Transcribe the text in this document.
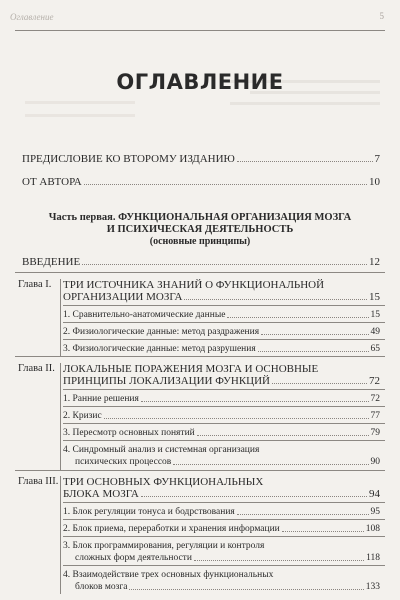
Оглавление	5
ОГЛАВЛЕНИЕ
ПРЕДИСЛОВИЕ КО ВТОРОМУ ИЗДАНИЮ	7
ОТ АВТОРА	10
Часть первая. ФУНКЦИОНАЛЬНАЯ ОРГАНИЗАЦИЯ МОЗГА
И ПСИХИЧЕСКАЯ ДЕЯТЕЛЬНОСТЬ
(основные принципы)
ВВЕДЕНИЕ	12
Глава I. ТРИ ИСТОЧНИКА ЗНАНИЙ О ФУНКЦИОНАЛЬНОЙ
ОРГАНИЗАЦИИ МОЗГА	15
1. Сравнительно-анатомические данные	15
2. Физиологические данные: метод раздражения	49
3. Физиологические данные: метод разрушения	65
Глава II. ЛОКАЛЬНЫЕ ПОРАЖЕНИЯ МОЗГА И ОСНОВНЫЕ
ПРИНЦИПЫ ЛОКАЛИЗАЦИИ ФУНКЦИЙ	72
1. Ранние решения	72
2. Кризис	77
3. Пересмотр основных понятий	79
4. Синдромный анализ и системная организация
психических процессов	90
Глава III. ТРИ ОСНОВНЫХ ФУНКЦИОНАЛЬНЫХ
БЛОКА МОЗГА	94
1. Блок регуляции тонуса и бодрствования	95
2. Блок приема, переработки и хранения информации	108
3. Блок программирования, регуляции и контроля
сложных форм деятельности	118
4. Взаимодействие трех основных функциональных
блоков мозга	133
